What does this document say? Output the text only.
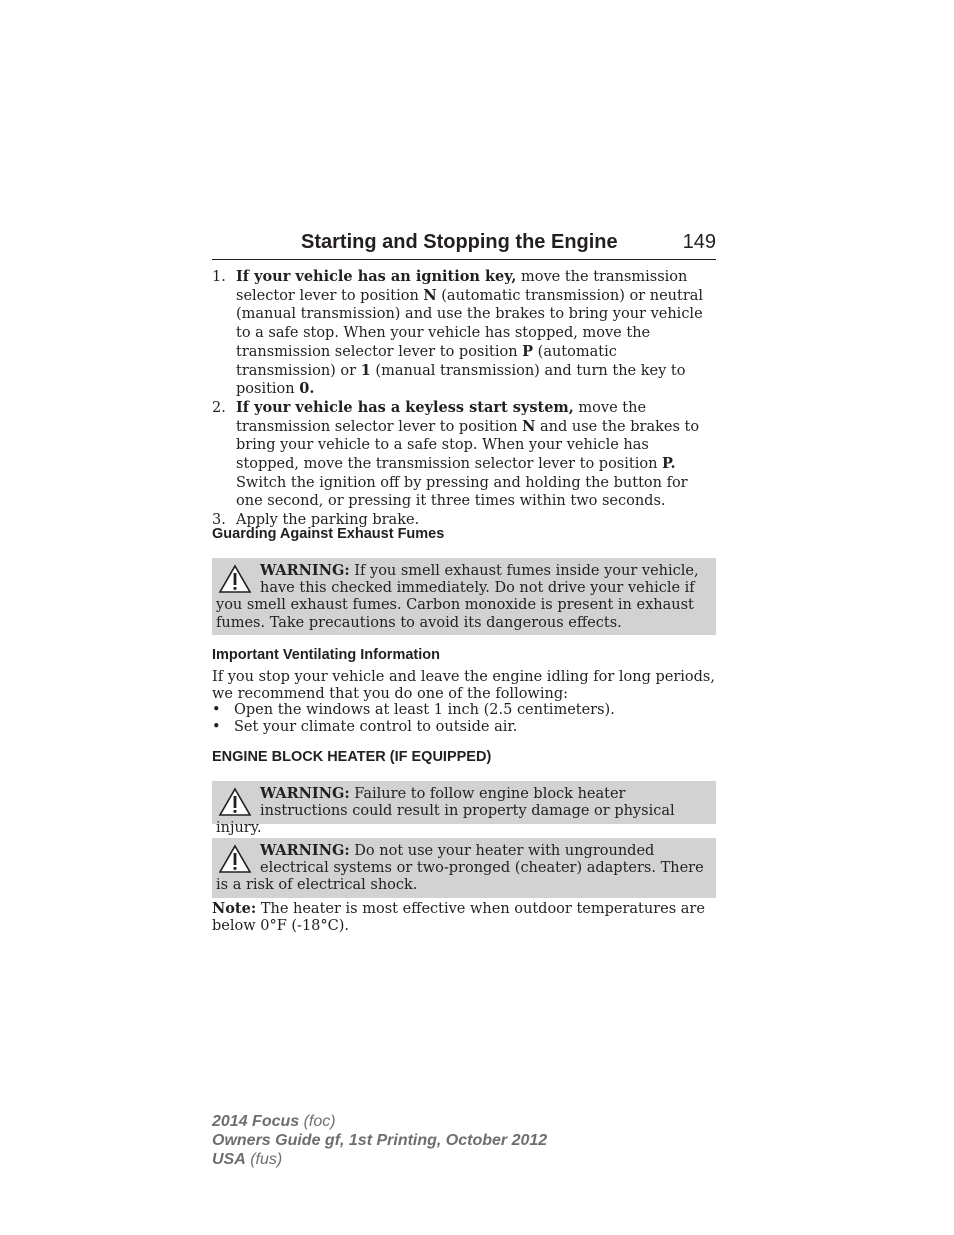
Starting and Stopping the Engine	149
1. If your vehicle has an ignition key, move the transmission selector lever to position N (automatic transmission) or neutral (manual transmission) and use the brakes to bring your vehicle to a safe stop. When your vehicle has stopped, move the transmission selector lever to position P (automatic transmission) or 1 (manual transmission) and turn the key to position 0.
2. If your vehicle has a keyless start system, move the transmission selector lever to position N and use the brakes to bring your vehicle to a safe stop. When your vehicle has stopped, move the transmission selector lever to position P. Switch the ignition off by pressing and holding the button for one second, or pressing it three times within two seconds.
3. Apply the parking brake.
Guarding Against Exhaust Fumes
WARNING: If you smell exhaust fumes inside your vehicle, have this checked immediately. Do not drive your vehicle if you smell exhaust fumes. Carbon monoxide is present in exhaust fumes. Take precautions to avoid its dangerous effects.
Important Ventilating Information
If you stop your vehicle and leave the engine idling for long periods, we recommend that you do one of the following:
• Open the windows at least 1 inch (2.5 centimeters).
• Set your climate control to outside air.
ENGINE BLOCK HEATER (IF EQUIPPED)
WARNING: Failure to follow engine block heater instructions could result in property damage or physical injury.
WARNING: Do not use your heater with ungrounded electrical systems or two-pronged (cheater) adapters. There is a risk of electrical shock.
Note: The heater is most effective when outdoor temperatures are below 0°F (-18°C).
2014 Focus (foc)
Owners Guide gf, 1st Printing, October 2012
USA (fus)
